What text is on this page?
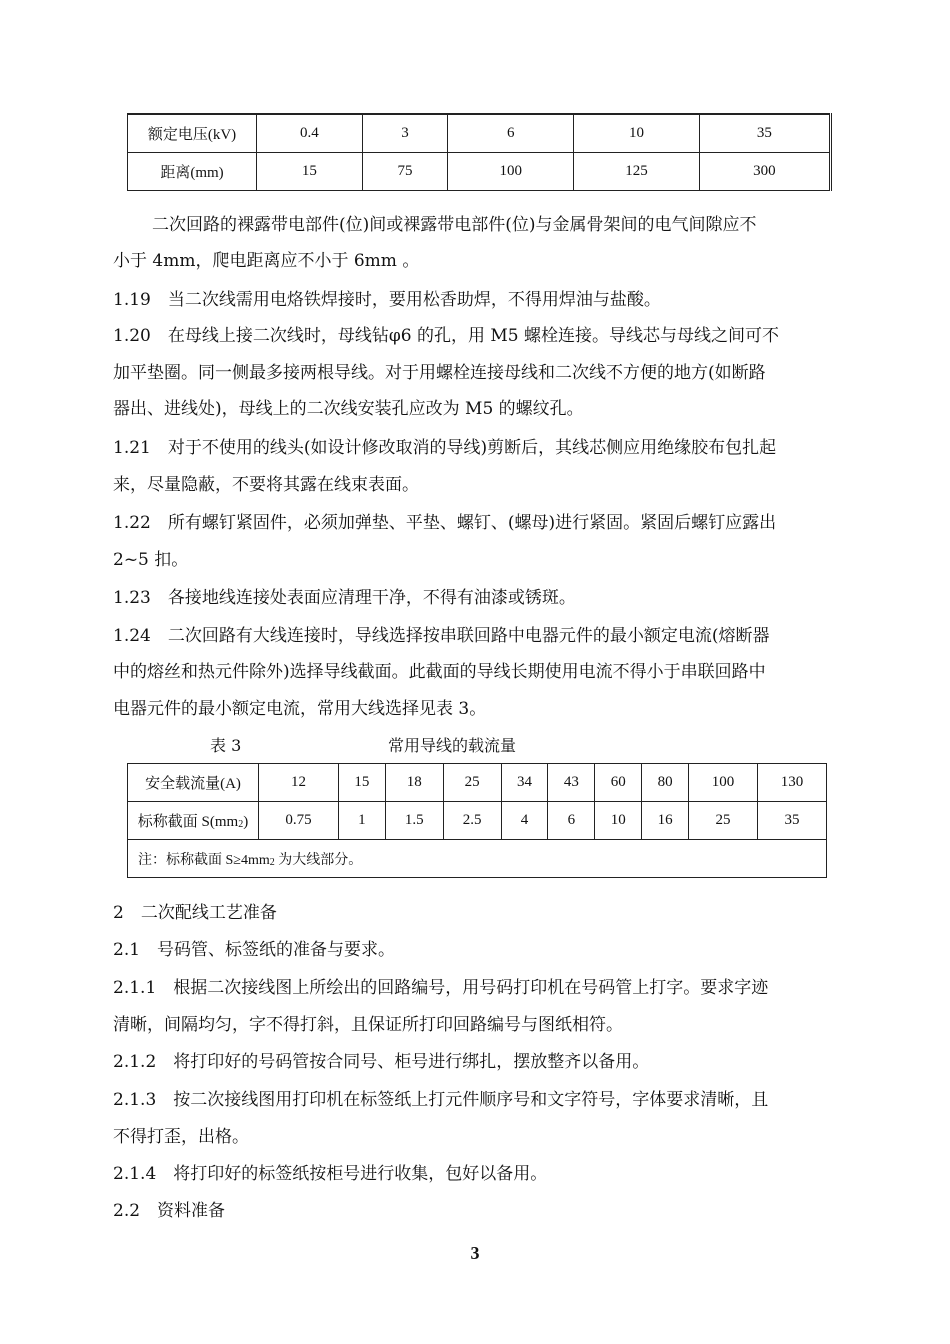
额定电压(kV)	0.4	3	6	10	35
距离(mm)	15	75	100	125	300
二次回路的裸露带电部件(位)间或裸露带电部件(位)与金属骨架间的电气间隙应不
小于 4mm，爬电距离应不小于 6mm 。
1.19　当二次线需用电烙铁焊接时，要用松香助焊，不得用焊油与盐酸。
1.20　在母线上接二次线时，母线钻φ6 的孔，用 M5 螺栓连接。导线芯与母线之间可不
加平垫圈。同一侧最多接两根导线。对于用螺栓连接母线和二次线不方便的地方(如断路
器出、进线处)，母线上的二次线安装孔应改为 M5 的螺纹孔。
1.21　对于不使用的线头(如设计修改取消的导线)剪断后，其线芯侧应用绝缘胶布包扎起
来，尽量隐蔽，不要将其露在线束表面。
1.22　所有螺钉紧固件，必须加弹垫、平垫、螺钉、(螺母)进行紧固。紧固后螺钉应露出
2~5 扣。
1.23　各接地线连接处表面应清理干净，不得有油漆或锈斑。
1.24　二次回路有大线连接时，导线选择按串联回路中电器元件的最小额定电流(熔断器
中的熔丝和热元件除外)选择导线截面。此截面的导线长期使用电流不得小于串联回路中
电器元件的最小额定电流，常用大线选择见表 3。
表 3	常用导线的载流量
安全载流量(A)	12	15	18	25	34	43	60	80	100	130
标称截面 $S(mm_2)$	0.75	1	1.5	2.5	4	6	10	16	25	35
注：标称截面 $S\ge 4mm_2$ 为大线部分。										
2　二次配线工艺准备
2.1　号码管、标签纸的准备与要求。
2.1.1　根据二次接线图上所绘出的回路编号，用号码打印机在号码管上打字。要求字迹
清晰，间隔均匀，字不得打斜，且保证所打印回路编号与图纸相符。
2.1.2　将打印好的号码管按合同号、柜号进行绑扎，摆放整齐以备用。
2.1.3　按二次接线图用打印机在标签纸上打元件顺序号和文字符号，字体要求清晰，且
不得打歪，出格。
2.1.4　将打印好的标签纸按柜号进行收集，包好以备用。
2.2　资料准备
3
